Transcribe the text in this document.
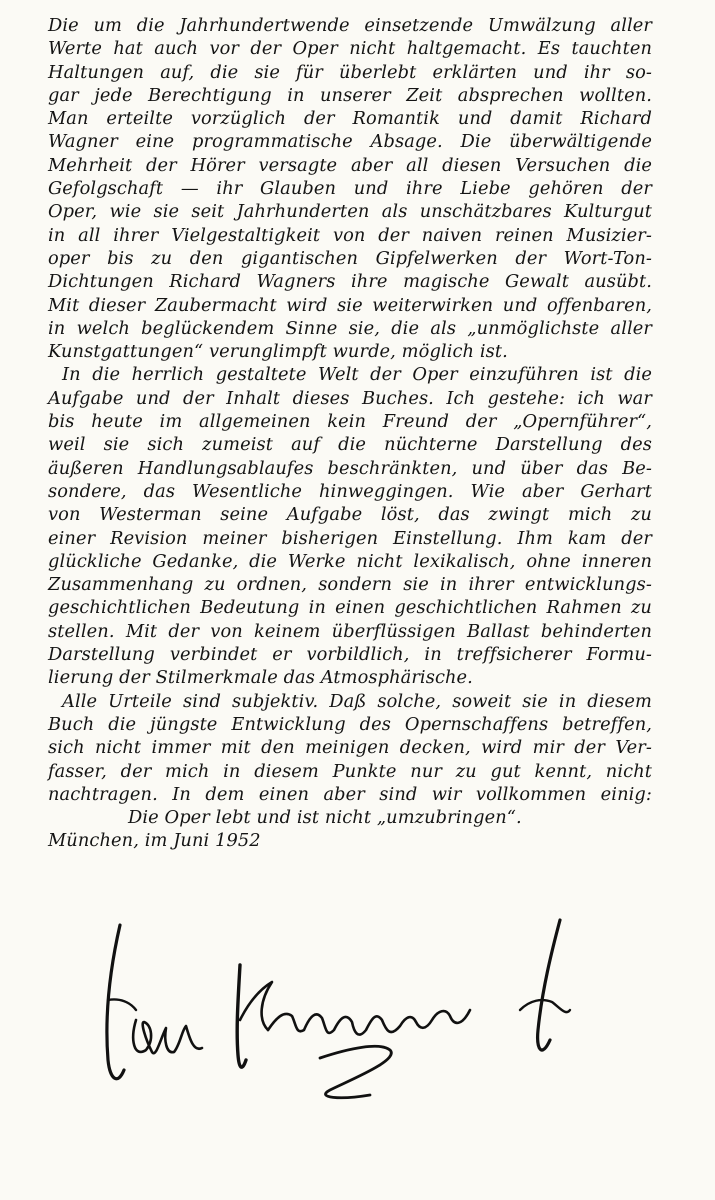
Die um die Jahrhundertwende einsetzende Umwälzung aller
Werte hat auch vor der Oper nicht haltgemacht. Es tauchten
Haltungen auf, die sie für überlebt erklärten und ihr so-
gar jede Berechtigung in unserer Zeit absprechen wollten.
Man erteilte vorzüglich der Romantik und damit Richard
Wagner eine programmatische Absage. Die überwältigende
Mehrheit der Hörer versagte aber all diesen Versuchen die
Gefolgschaft — ihr Glauben und ihre Liebe gehören der
Oper, wie sie seit Jahrhunderten als unschätzbares Kulturgut
in all ihrer Vielgestaltigkeit von der naiven reinen Musizier-
oper bis zu den gigantischen Gipfelwerken der Wort-Ton-
Dichtungen Richard Wagners ihre magische Gewalt ausübt.
Mit dieser Zaubermacht wird sie weiterwirken und offenbaren,
in welch beglückendem Sinne sie, die als „unmöglichste aller
Kunstgattungen“ verunglimpft wurde, möglich ist.
In die herrlich gestaltete Welt der Oper einzuführen ist die
Aufgabe und der Inhalt dieses Buches. Ich gestehe: ich war
bis heute im allgemeinen kein Freund der „Opernführer“,
weil sie sich zumeist auf die nüchterne Darstellung des
äußeren Handlungsablaufes beschränkten, und über das Be-
sondere, das Wesentliche hinweggingen. Wie aber Gerhart
von Westerman seine Aufgabe löst, das zwingt mich zu
einer Revision meiner bisherigen Einstellung. Ihm kam der
glückliche Gedanke, die Werke nicht lexikalisch, ohne inneren
Zusammenhang zu ordnen, sondern sie in ihrer entwicklungs-
geschichtlichen Bedeutung in einen geschichtlichen Rahmen zu
stellen. Mit der von keinem überflüssigen Ballast behinderten
Darstellung verbindet er vorbildlich, in treffsicherer Formu-
lierung der Stilmerkmale das Atmosphärische.
Alle Urteile sind subjektiv. Daß solche, soweit sie in diesem
Buch die jüngste Entwicklung des Opernschaffens betreffen,
sich nicht immer mit den meinigen decken, wird mir der Ver-
fasser, der mich in diesem Punkte nur zu gut kennt, nicht
nachtragen. In dem einen aber sind wir vollkommen einig:
Die Oper lebt und ist nicht „umzubringen“.
München, im Juni 1952
